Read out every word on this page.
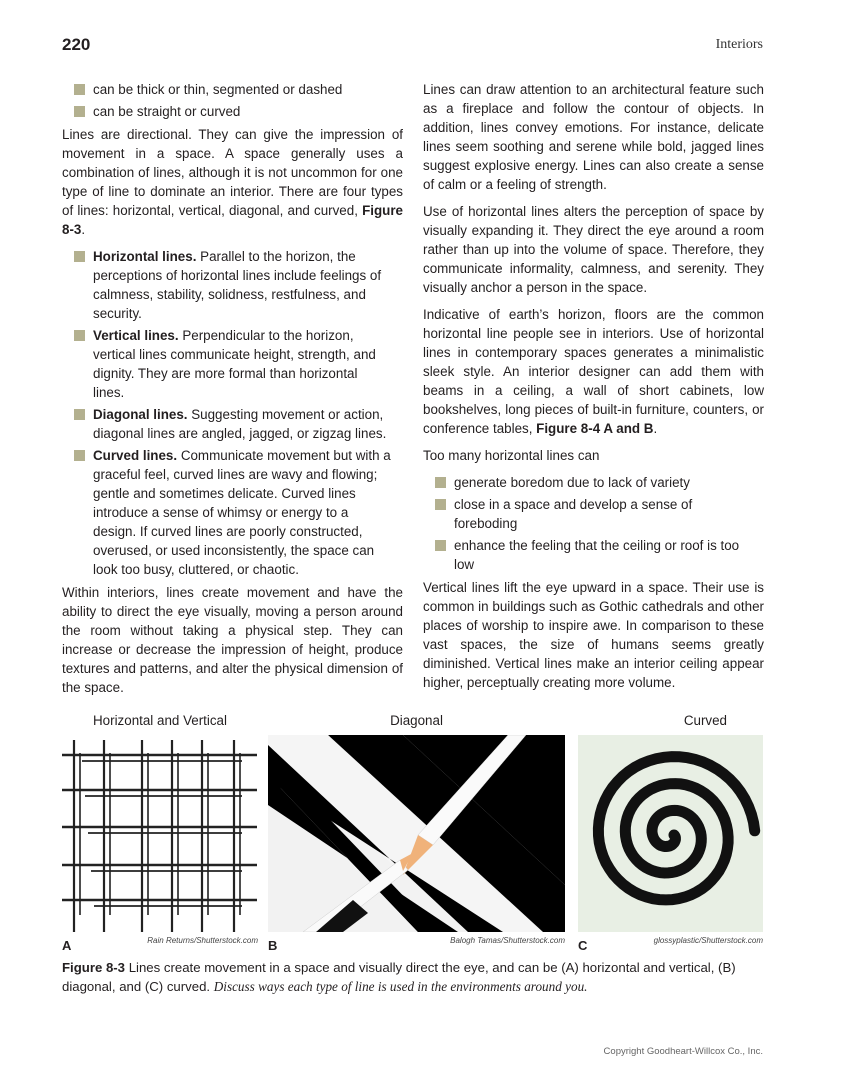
220	Interiors
can be thick or thin, segmented or dashed
can be straight or curved

Lines are directional. They can give the impression of movement in a space. A space generally uses a combination of lines, although it is not uncommon for one type of line to dominate an interior. There are four types of lines: horizontal, vertical, diagonal, and curved, Figure 8-3.

Horizontal lines. Parallel to the horizon, the perceptions of horizontal lines include feelings of calmness, stability, solidness, restfulness, and security.
Vertical lines. Perpendicular to the horizon, vertical lines communicate height, strength, and dignity. They are more formal than horizontal lines.
Diagonal lines. Suggesting movement or action, diagonal lines are angled, jagged, or zigzag lines.
Curved lines. Communicate movement but with a graceful feel, curved lines are wavy and flowing; gentle and sometimes delicate. Curved lines introduce a sense of whimsy or energy to a design. If curved lines are poorly constructed, overused, or used inconsistently, the space can look too busy, cluttered, or chaotic.

Within interiors, lines create movement and have the ability to direct the eye visually, moving a person around the room without taking a physical step. They can increase or decrease the impression of height, produce textures and patterns, and alter the physical dimension of the space.

Lines can draw attention to an architectural feature such as a fireplace and follow the contour of objects. In addition, lines convey emotions. For instance, delicate lines seem soothing and serene while bold, jagged lines suggest explosive energy. Lines can also create a sense of calm or a feeling of strength.

Use of horizontal lines alters the perception of space by visually expanding it. They direct the eye around a room rather than up into the volume of space. Therefore, they communicate informality, calmness, and serenity. They visually anchor a person in the space.

Indicative of earth’s horizon, floors are the common horizontal line people see in interiors. Use of horizontal lines in contemporary spaces generates a minimalistic sleek style. An interior designer can add them with beams in a ceiling, a wall of short cabinets, low bookshelves, long pieces of built-in furniture, counters, or conference tables, Figure 8-4 A and B.

Too many horizontal lines can

generate boredom due to lack of variety
close in a space and develop a sense of foreboding
enhance the feeling that the ceiling or roof is too low

Vertical lines lift the eye upward in a space. Their use is common in buildings such as Gothic cathedrals and other places of worship to inspire awe. In comparison to these vast spaces, the size of humans seems greatly diminished. Vertical lines make an interior ceiling appear higher, perceptually creating more volume.

Horizontal and Vertical	Diagonal	Curved
A	B	C
Rain Returns/Shutterstock.com	Balogh Tamas/Shutterstock.com	glossyplastic/Shutterstock.com
Figure 8-3 Lines create movement in a space and visually direct the eye, and can be (A) horizontal and vertical, (B) diagonal, and (C) curved. Discuss ways each type of line is used in the environments around you.
Copyright Goodheart-Willcox Co., Inc.
